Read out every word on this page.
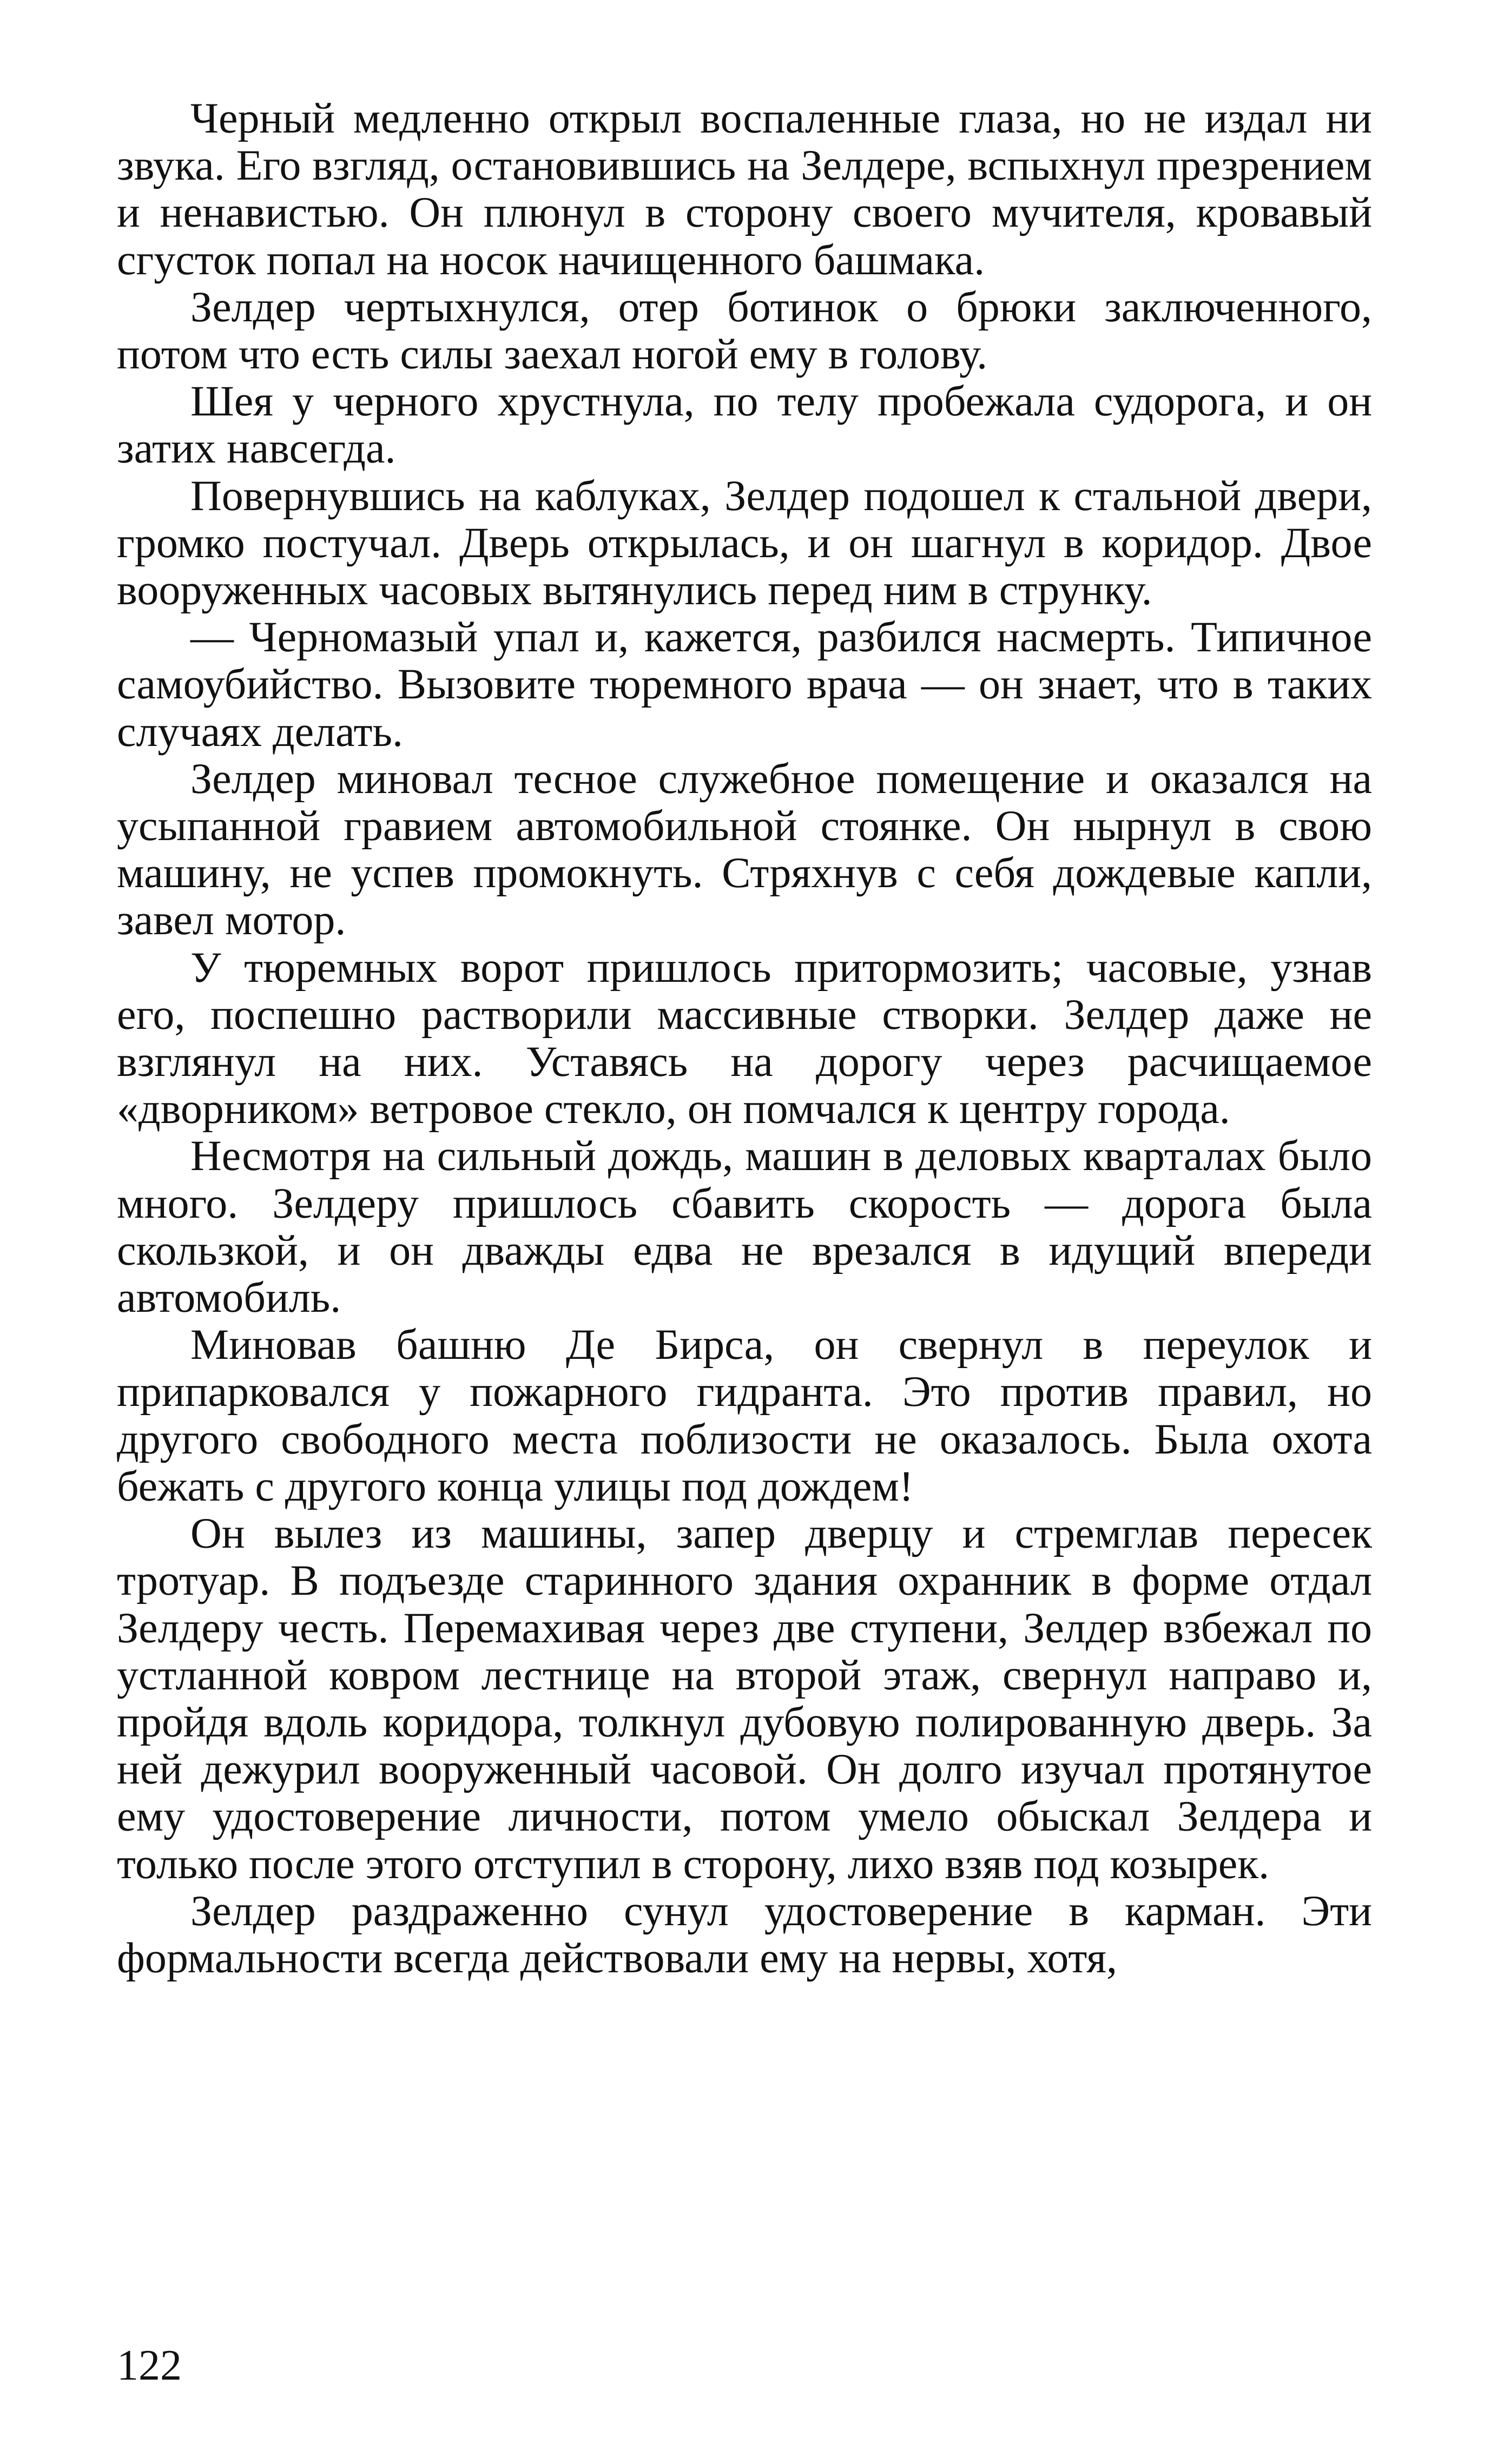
Черный медленно открыл воспаленные глаза, но не издал ни звука. Его взгляд, остановившись на Зелдере, вспыхнул презрением и ненавистью. Он плюнул в сторону своего мучителя, кровавый сгусток попал на носок начищенного башмака.

Зелдер чертыхнулся, отер ботинок о брюки заключенного, потом что есть силы заехал ногой ему в голову.

Шея у черного хрустнула, по телу пробежала судорога, и он затих навсегда.

Повернувшись на каблуках, Зелдер подошел к стальной двери, громко постучал. Дверь открылась, и он шагнул в коридор. Двое вооруженных часовых вытянулись перед ним в струнку.

— Черномазый упал и, кажется, разбился насмерть. Типичное самоубийство. Вызовите тюремного врача — он знает, что в таких случаях делать.

Зелдер миновал тесное служебное помещение и оказался на усыпанной гравием автомобильной стоянке. Он нырнул в свою машину, не успев промокнуть. Стряхнув с себя дождевые капли, завел мотор.

У тюремных ворот пришлось притормозить; часовые, узнав его, поспешно растворили массивные створки. Зелдер даже не взглянул на них. Уставясь на дорогу через расчищаемое «дворником» ветровое стекло, он помчался к центру города.

Несмотря на сильный дождь, машин в деловых кварталах было много. Зелдеру пришлось сбавить скорость — дорога была скользкой, и он дважды едва не врезался в идущий впереди автомобиль.

Миновав башню Де Бирса, он свернул в переулок и припарковался у пожарного гидранта. Это против правил, но другого свободного места поблизости не оказалось. Была охота бежать с другого конца улицы под дождем!

Он вылез из машины, запер дверцу и стремглав пересек тротуар. В подъезде старинного здания охранник в форме отдал Зелдеру честь. Перемахивая через две ступени, Зелдер взбежал по устланной ковром лестнице на второй этаж, свернул направо и, пройдя вдоль коридора, толкнул дубовую полированную дверь. За ней дежурил вооруженный часовой. Он долго изучал протянутое ему удостоверение личности, потом умело обыскал Зелдера и только после этого отступил в сторону, лихо взяв под козырек.

Зелдер раздраженно сунул удостоверение в карман. Эти формальности всегда действовали ему на нервы, хотя,

122
